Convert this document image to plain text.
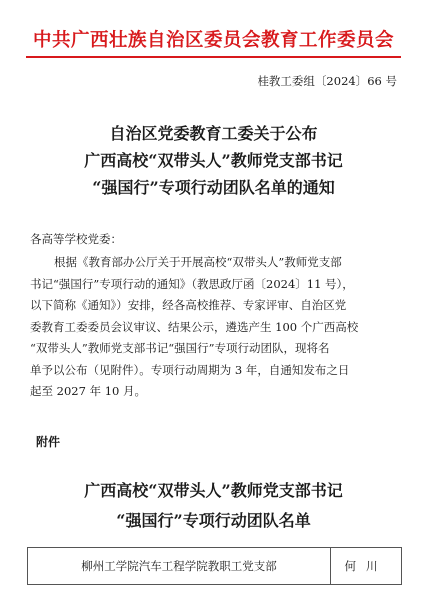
中共广西壮族自治区委员会教育工作委员会
桂教工委组〔2024〕66 号
自治区党委教育工委关于公布
广西高校“双带头人”教师党支部书记
“强国行”专项行动团队名单的通知
各高等学校党委：
根据《教育部办公厅关于开展高校“双带头人”教师党支部
书记“强国行”专项行动的通知》（教思政厅函〔2024〕11 号），
以下简称《通知》）安排，经各高校推荐、专家评审、自治区党
委教育工委委员会议审议、结果公示，遴选产生 100 个广西高校
“双带头人”教师党支部书记“强国行”专项行动团队，现将名
单予以公布（见附件）。专项行动周期为 3 年，自通知发布之日
起至 2027 年 10 月。
附件
广西高校“双带头人”教师党支部书记
“强国行”专项行动团队名单
柳州工学院汽车工程学院教职工党支部	何川
